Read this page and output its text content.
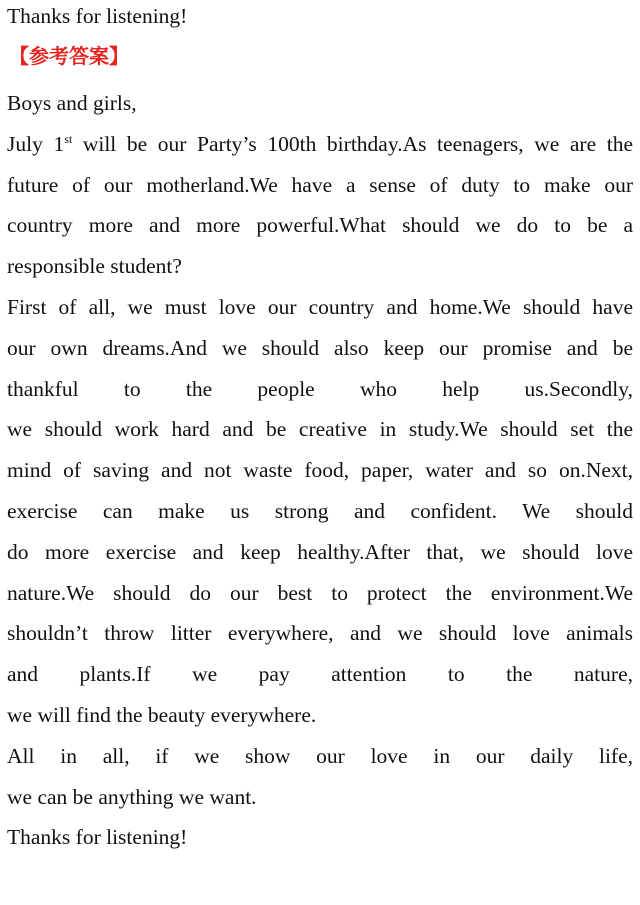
Thanks for listening!
【参考答案】
Boys and girls,
July 1st will be our Party’s 100th birthday.As teenagers, we are the
future of our motherland.We have a sense of duty to make our
country more and more powerful.What should we do to be a
responsible student?
First of all, we must love our country and home.We should have
our own dreams.And we should also keep our promise and be
thankful to the people who help us.Secondly,
we should work hard and be creative in study.We should set the
mind of saving and not waste food, paper, water and so on.Next,
exercise can make us strong and confident. We should
do more exercise and keep healthy.After that, we should love
nature.We should do our best to protect the environment.We
shouldn’t throw litter everywhere, and we should love animals
and plants.If we pay attention to the nature,
we will find the beauty everywhere.
All in all, if we show our love in our daily life,
we can be anything we want.
Thanks for listening!
